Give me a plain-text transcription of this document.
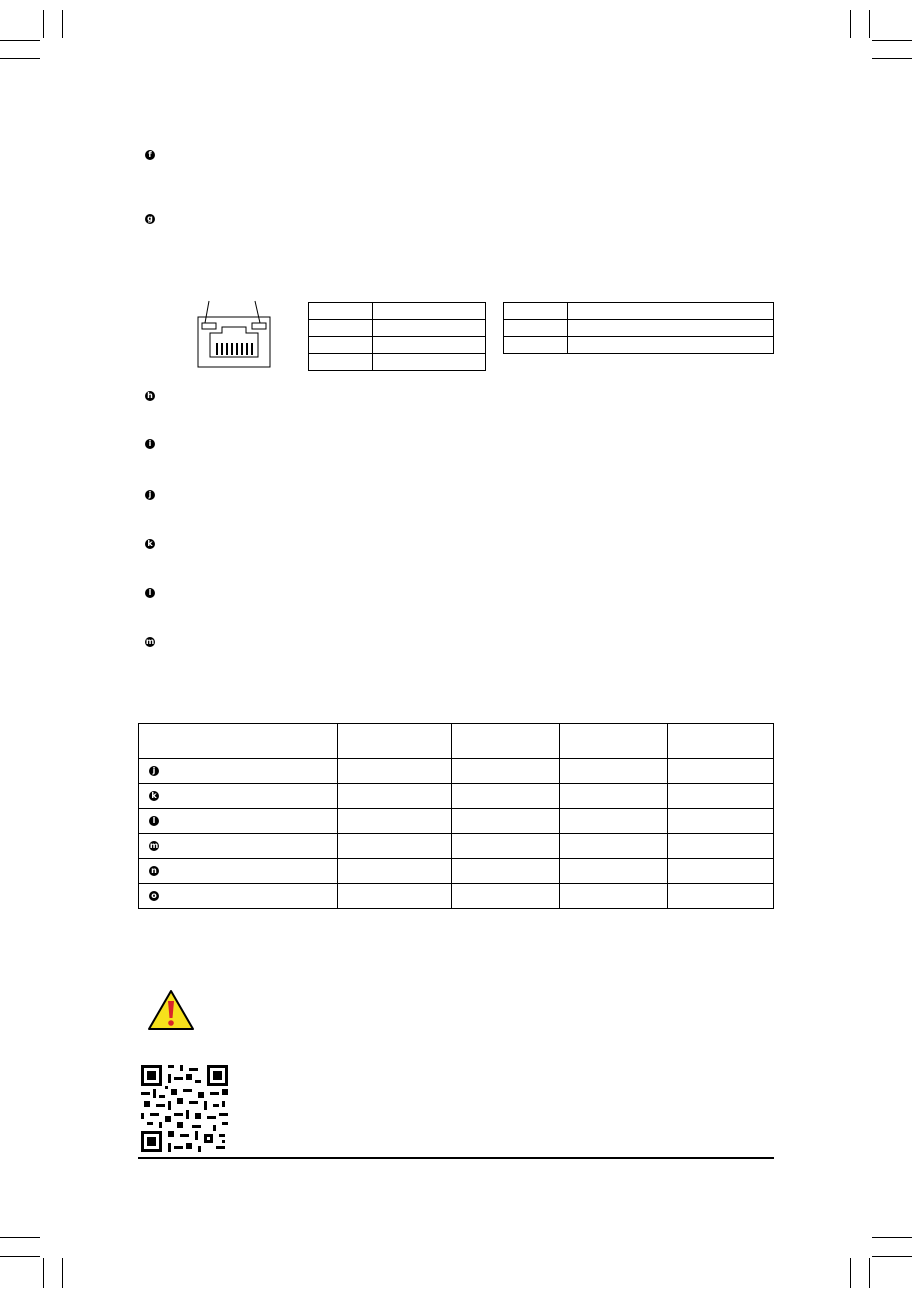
f
g

h
i
j
k
l
m

j				
k				
l				
m				
n				
o				
